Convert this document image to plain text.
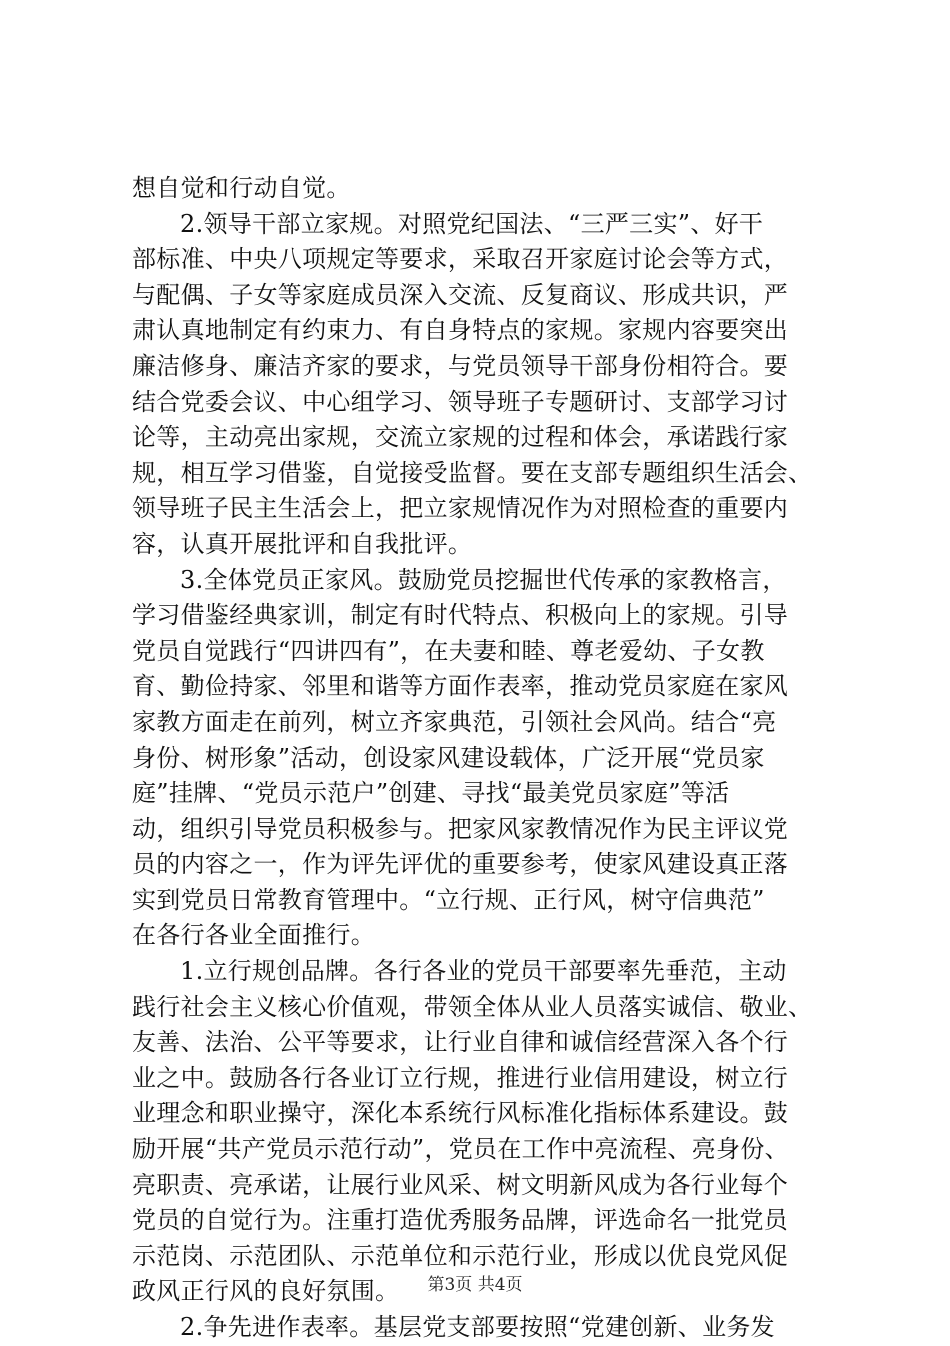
想自觉和行动自觉。
2.领导干部立家规。对照党纪国法、“三严三实”、好干
部标准、中央八项规定等要求，采取召开家庭讨论会等方式，
与配偶、子女等家庭成员深入交流、反复商议、形成共识，严
肃认真地制定有约束力、有自身特点的家规。家规内容要突出
廉洁修身、廉洁齐家的要求，与党员领导干部身份相符合。要
结合党委会议、中心组学习、领导班子专题研讨、支部学习讨
论等，主动亮出家规，交流立家规的过程和体会，承诺践行家
规，相互学习借鉴，自觉接受监督。要在支部专题组织生活会、
领导班子民主生活会上，把立家规情况作为对照检查的重要内
容，认真开展批评和自我批评。
3.全体党员正家风。鼓励党员挖掘世代传承的家教格言，
学习借鉴经典家训，制定有时代特点、积极向上的家规。引导
党员自觉践行“四讲四有”，在夫妻和睦、尊老爱幼、子女教
育、勤俭持家、邻里和谐等方面作表率，推动党员家庭在家风
家教方面走在前列，树立齐家典范，引领社会风尚。结合“亮
身份、树形象”活动，创设家风建设载体，广泛开展“党员家
庭”挂牌、“党员示范户”创建、寻找“最美党员家庭”等活
动，组织引导党员积极参与。把家风家教情况作为民主评议党
员的内容之一，作为评先评优的重要参考，使家风建设真正落
实到党员日常教育管理中。“立行规、正行风，树守信典范”
在各行各业全面推行。
1.立行规创品牌。各行各业的党员干部要率先垂范，主动
践行社会主义核心价值观，带领全体从业人员落实诚信、敬业、
友善、法治、公平等要求，让行业自律和诚信经营深入各个行
业之中。鼓励各行各业订立行规，推进行业信用建设，树立行
业理念和职业操守，深化本系统行风标准化指标体系建设。鼓
励开展“共产党员示范行动”，党员在工作中亮流程、亮身份、
亮职责、亮承诺，让展行业风采、树文明新风成为各行业每个
党员的自觉行为。注重打造优秀服务品牌，评选命名一批党员
示范岗、示范团队、示范单位和示范行业，形成以优良党风促
政风正行风的良好氛围。
2.争先进作表率。基层党支部要按照“党建创新、业务发
第3页 共4页
